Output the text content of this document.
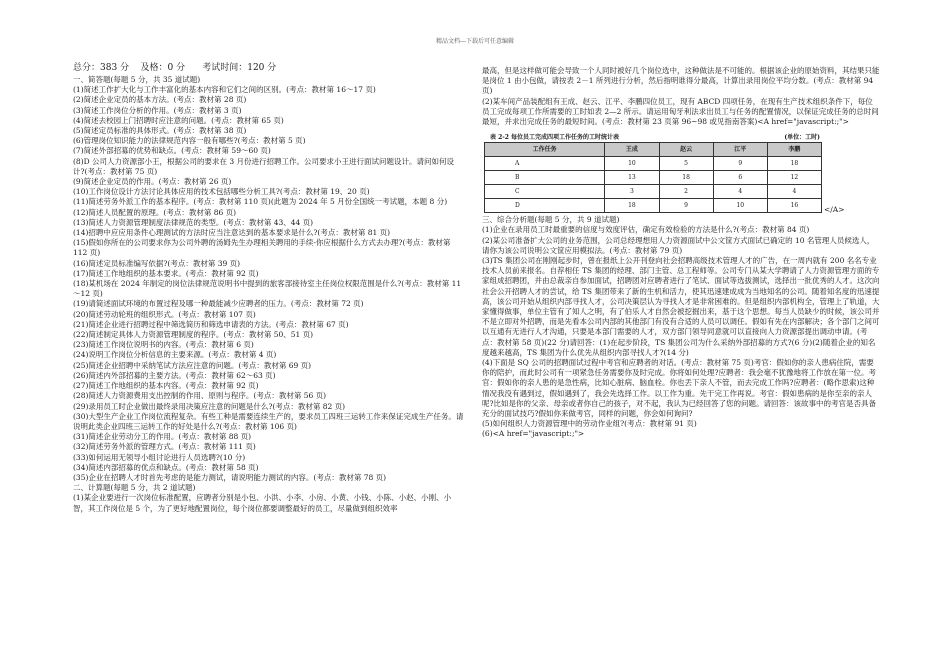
精品文档---下载后可任意编辑

总分：383 分    及格：0 分      考试时间：120 分

一、简答题(每题 5 分，共 35 道试题)

(1)简述工作扩大化与工作丰富化的基本内容和它们之间的区别。(考点：教材第 16～17 页)

(2)简述企业定员的基本方法。(考点：教材第 28 页)

(3)简述工作岗位分析的作用。(考点：教材第 3 页)

(4)简述去校园上门招聘时应注意的问题。(考点：教材第 65 页)

(5)简述定员标准的具体形式。(考点：教材第 38 页)

(6)管理岗位知识能力的法律规范内容一般有哪些?(考点：教材第 5 页)

(7)简述外部招募的优势和缺点。(考点：教材第 59～60 页)

(8)D 公司人力资源部小王，根据公司的要求在 3 月份进行招聘工作。公司要求小王进行面试问题设计。请问如何设计?(考点：教材第 75 页)

(9)简述企业定员的作用。(考点：教材第 26 页)

(10)工作岗位设计方法讨论具体应用的技术包括哪些分析工具?(考点：教材第 19、20 页)

(11)简述劳务外派工作的基本程序。(考点：教材第 110 页)(此题为 2024 年 5 月份全国统一考试题，本题 8 分)

(12)简述人员配置的原理。(考点：教材第 86 页)

(13)简述人力资源管理制度法律规范的类型。(考点：教材第 43、44 页)

(14)招聘中应应用条件心理测试的方法时应当注意达到的基本要求是什么?(考点：教材第 81 页)

(15)假如你所在的公司要求你为公司外聘的汤姆先生办理相关聘用的手续-你应根据什么方式去办理?(考点：教材第 112 页)

(16)简述定员标准编写依据?(考点：教材第 39 页)

(17)简述工作地组织的基本要求。(考点：教材第 92 页)

(18)某机场在 2024 年制定的岗位法律规范说明书中提到的旅客部接待室主任岗位权限范围是什么?(考点：教材第 11～12 页)

(19)请简述面试环境的布置过程及哪一种最能减少应聘者的压力。(考点：教材第 72 页)

(20)简述劳动轮班的组织形式。(考点：教材第 107 页)

(21)简述企业进行招聘过程中筛选简历和筛选申请表的方法。(考点：教材第 67 页)

(22)简述制定具体人力资源管理制度的程序。(考点：教材第 50、51 页)

(23)简述工作岗位说明书的内容。(考点：教材第 6 页)

(24)说明工作岗位分析信息的主要来源。(考点：教材第 4 页)

(25)简述企业招聘中采纳笔试方法应注意的问题。(考点：教材第 69 页)

(26)简述内外部招募的主要方法。(考点：教材第 62～63 页)

(27)简述工作地组织的基本内容。(考点：教材第 92 页)

(28)简述人力资源费用支出控制的作用、原则与程序。(考点：教材第 56 页)

(29)录用员工时企业做出最终录用决策应注意的问题是什么?(考点：教材第 82 页)

(30)大型生产企业工作岗位流程复杂。有些工种是需要连续生产的，要求员工四班三运转工作来保证完成生产任务。请说明此类企业四班三运转工作的好处是什么?(考点：教材第 106 页)

(31)简述企业劳动分工的作用。(考点：教材第 88 页)

(32)简述劳务外派的管理方式。(考点：教材第 111 页)

(33)如何运用无领导小组讨论进行人员选聘?(10 分)

(34)简述内部招募的优点和缺点。(考点：教材第 58 页)

(35)企业在招聘人才时首先考虑的是能力测试，请说明能力测试的内容。(考点：教材第 78 页)

二、计算题(每题 5 分，共 2 道试题)

(1)某企业要进行一次岗位标准配置，应聘者分别是小包、小洪、小李、小房、小黄、小钱、小陈、小赵、小刚、小智，其工作岗位是 5 个，为了更好地配置岗位，每个岗位都要调整最好的员工，尽量做到组织效率

最高，但是这样做可能会导致一个人同时被好几个岗位选中，这种做法是不可能的。根据该企业的原始资料，其结果只能是岗位 1 由小包做，请按表 2－1 所列进行分析，然后指明谁得分最高，计算出录用岗位平均分数。(考点：教材第 94 页)

(2)某车间产品装配组有王成、赵云、江平、李鹏四位员工，现有 ABCD 四项任务，在现有生产技术组织条件下，每位员工完成每项工作所需要的工时如表 2—2 所示。请运用匈牙利法求出员工与任务的配置情况，以保证完成任务的总时间最短，并求出完成任务的最短时间。(考点：教材第 23 页第 96~98 或见指南答案)<A href="javascript:;">

表 2-2 每位员工完成四项工作任务的工时统计表	(单位：工时)
工作任务	王成	赵云	江平	李鹏
A	10	5	9	18
B	13	18	6	12
C	3	2	4	4
D	18	9	10	16	</A>

三、综合分析题(每题 5 分，共 9 道试题)

(1)企业在录用员工时最重要的信度与效度评估，确定有效检验的方法是什么?(考点：教材第 84 页)

(2)某公司准备扩大公司的业务范围，公司总经理想用人力资源面试中公文筐方式面试已确定的 10 名管理人员候选人，请你为该公司说明公文筐应用模拟法。(考点：教材第 79 页)

(3)TS 集团公司在刚刚起步时，曾在报纸上公开刊登向社会招聘高级技术管理人才的广告，在一周内就有 200 名名专业技术人员前来报名。自荐相任 TS 集团的经理、部门主管、总工程师等。公司专门从某大学聘请了人力资源管理方面的专家组成招聘团，并由总裁亲自参加面试，招聘团对应聘者进行了笔试、面试等选拔测试，选择出一批优秀的人才。这次向社会公开招聘人才的尝试，给 TS 集团带来了新的生机和活力，使其迅速建成成为当地知名的公司。随着知名度的迅速提高，该公司开始从组织内部寻找人才，公司决策层认为寻找人才是非常困难的。但是组织内部机构全，管理上了轨道，大家懂得做事，单位主管有了知人之明，有了伯乐人才自然会被挖掘出来，基于这个思想。每当人员缺少的时候，该公司并不是立即对外招聘，而是先看本公司内部的其他部门有没有合适的人员可以调任。假如有先在内部解决；各个部门之间可以互通有无进行人才沟通，只要是本部门需要的人才，双方部门领导同意就可以直接向人力资源部提出调动申请。(考点：教材第 58 页)(22 分)请回答：(1)在起步阶段，TS 集团公司为什么采纳外部招募的方式?(6 分)(2)随着企业的知名度越来越高，TS 集团为什么优先从组织内部寻找人才?(14 分)

(4)下面是 SQ 公司的招聘面试过程中考官和应聘者的对话。(考点：教材第 75 页)考官：假如你的亲人患病住院，需要你的陪护，而此时公司有一项紧急任务需要你及时完成。你将如何处理?应聘者：我会毫不犹豫地将工作放在第一位。考官：假如你的亲人患的是急性病，比如心脏病、脑血栓。你也丢下亲人不管，而去完成工作吗?应聘者：(略作思索)这种情况我没有遇到过，假如遇到了，我会先选择工作。以工作为重。先干完工作再说。考官：假如患病的是你至亲的亲人呢?比如是你的父亲、母亲或者你自己的孩子，对不起，我认为已经回答了您的问题。请回答：该故事中的考官是否具备充分的面试技巧?假如你来做考官，同样的问题，你会如何询问?

(5)如何组织人力资源管理中的劳动作业组?(考点：教材第 91 页)

(6)<A href="javascript:;">
